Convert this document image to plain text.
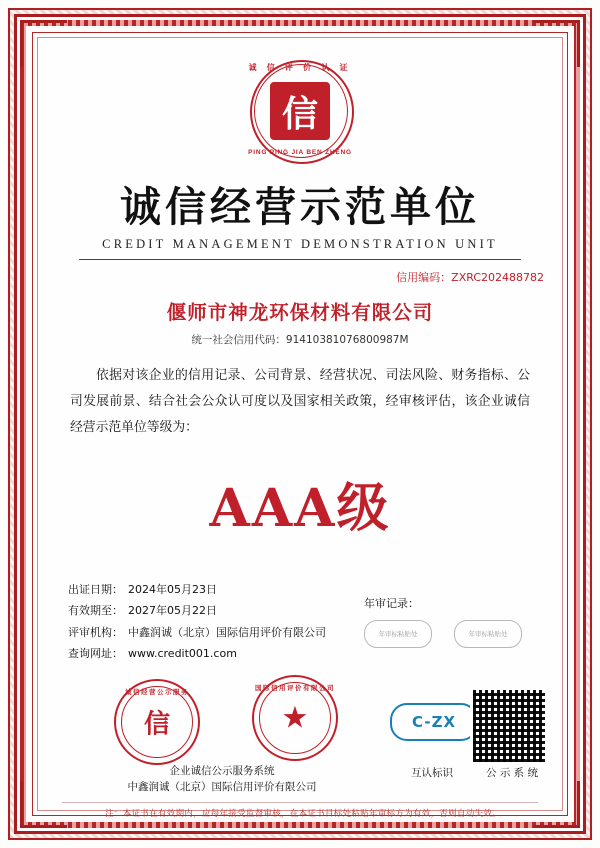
诚 信 评 价 认 证
信
PING PING JIA BEN ZHENG
诚信经营示范单位
CREDIT MANAGEMENT DEMONSTRATION UNIT
信用编码：ZXRC202488782
偃师市神龙环保材料有限公司
统一社会信用代码：91410381076800987M
依据对该企业的信用记录、公司背景、经营状况、司法风险、财务指标、公司发展前景、结合社会公众认可度以及国家相关政策，经审核评估，该企业诚信经营示范单位等级为：
AAA级
出证日期： 2024年05月23日
有效期至： 2027年05月22日
评审机构： 中鑫润诚（北京）国际信用评价有限公司
查询网址： www.credit001.com
年审记录：
年审标粘贴处	年审标粘贴处
诚信经营公示服务
信
国际信用评价有限公司
★
企业诚信公示服务系统
中鑫润诚（北京）国际信用评价有限公司
C-ZX
互认标识	公 示 系 统
注：本证书在有效期内，应每年接受监督审核，在本证书目标处粘贴年审标方为有效，否则自动失效。
